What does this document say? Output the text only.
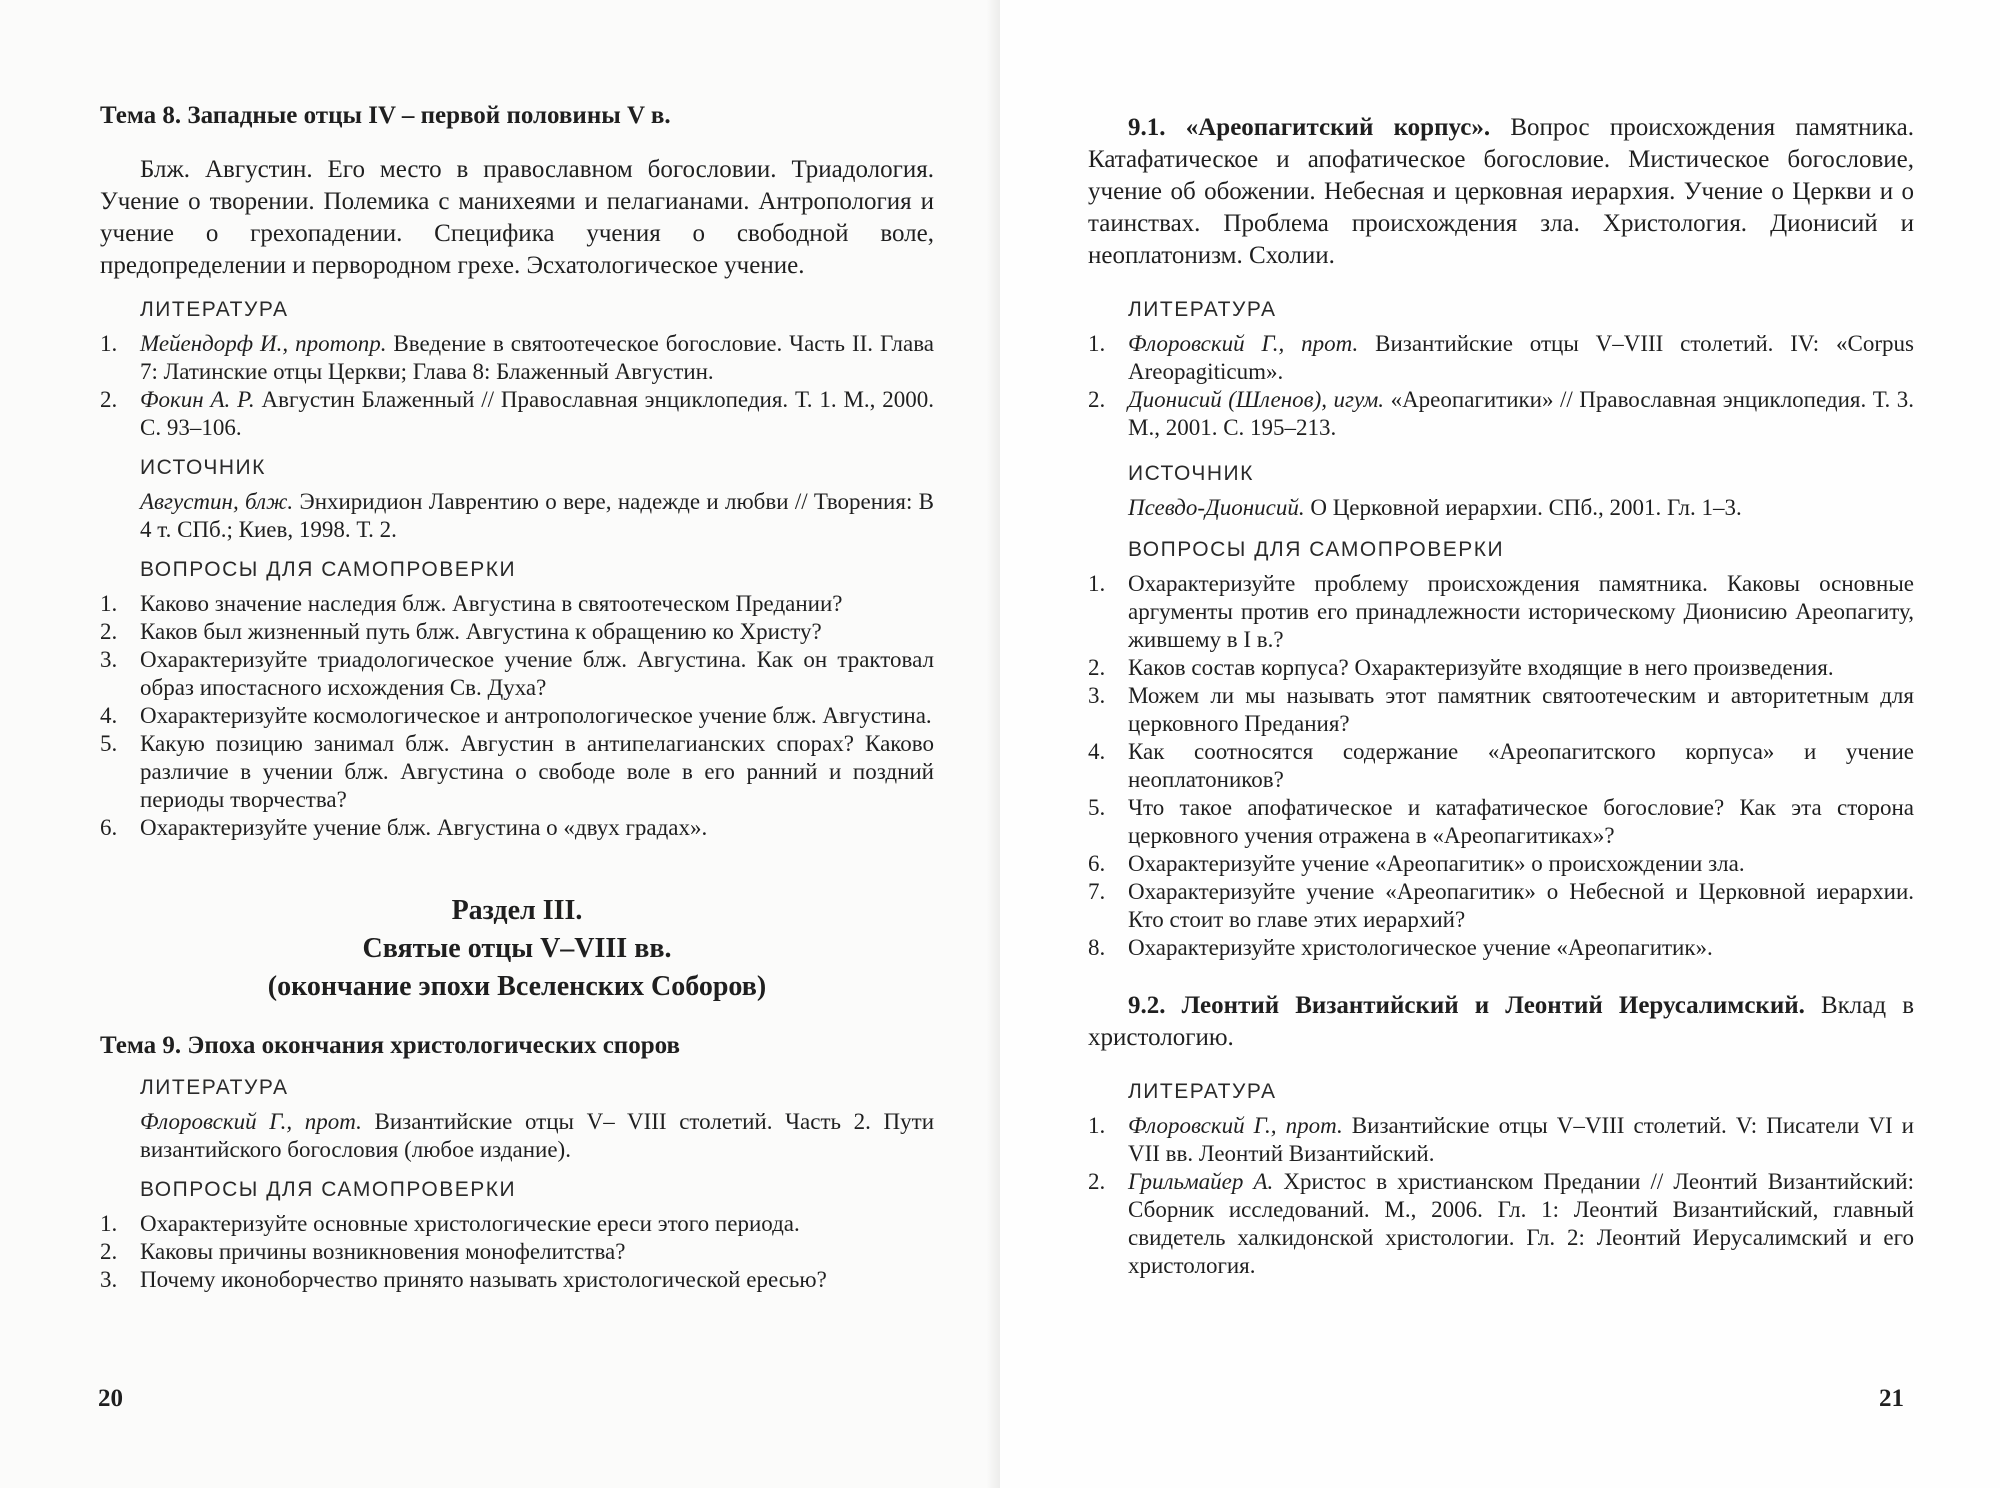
Тема 8. Западные отцы IV – первой половины V в.

Блж. Августин. Его место в православном богословии. Триадология. Учение о творении. Полемика с манихеями и пелагианами. Антропология и учение о грехопадении. Специфика учения о свободной воле, предопределении и первородном грехе. Эсхатологическое учение.

ЛИТЕРАТУРА

1. Мейендорф И., протопр. Введение в святоотеческое богословие. Часть II. Глава 7: Латинские отцы Церкви; Глава 8: Блаженный Августин.
2. Фокин А. Р. Августин Блаженный // Православная энциклопедия. Т. 1. М., 2000. С. 93–106.

ИСТОЧНИК

Августин, блж. Энхиридион Лаврентию о вере, надежде и любви // Творения: В 4 т. СПб.; Киев, 1998. Т. 2.

ВОПРОСЫ ДЛЯ САМОПРОВЕРКИ

1. Каково значение наследия блж. Августина в святоотеческом Предании?
2. Каков был жизненный путь блж. Августина к обращению ко Христу?
3. Охарактеризуйте триадологическое учение блж. Августина. Как он трактовал образ ипостасного исхождения Св. Духа?
4. Охарактеризуйте космологическое и антропологическое учение блж. Августина.
5. Какую позицию занимал блж. Августин в антипелагианских спорах? Каково различие в учении блж. Августина о свободе воле в его ранний и поздний периоды творчества?
6. Охарактеризуйте учение блж. Августина о «двух градах».

Раздел III.

Святые отцы V–VIII вв.

(окончание эпохи Вселенских Соборов)

Тема 9. Эпоха окончания христологических споров

ЛИТЕРАТУРА

Флоровский Г., прот. Византийские отцы V– VIII столетий. Часть 2. Пути византийского богословия (любое издание).

ВОПРОСЫ ДЛЯ САМОПРОВЕРКИ

1. Охарактеризуйте основные христологические ереси этого периода.
2. Каковы причины возникновения монофелитства?
3. Почему иконоборчество принято называть христологической ересью?
20

9.1. «Ареопагитский корпус». Вопрос происхождения памятника. Катафатическое и апофатическое богословие. Мистическое богословие, учение об обожении. Небесная и церковная иерархия. Учение о Церкви и о таинствах. Проблема происхождения зла. Христология. Дионисий и неоплатонизм. Схолии.

ЛИТЕРАТУРА

1. Флоровский Г., прот. Византийские отцы V–VIII столетий. IV: «Corpus Areopagiticum».
2. Дионисий (Шленов), игум. «Ареопагитики» // Православная энциклопедия. Т. 3. М., 2001. С. 195–213.

ИСТОЧНИК

Псевдо-Дионисий. О Церковной иерархии. СПб., 2001. Гл. 1–3.

ВОПРОСЫ ДЛЯ САМОПРОВЕРКИ

1. Охарактеризуйте проблему происхождения памятника. Каковы основные аргументы против его принадлежности историческому Дионисию Ареопагиту, жившему в I в.?
2. Каков состав корпуса? Охарактеризуйте входящие в него произведения.
3. Можем ли мы называть этот памятник святоотеческим и авторитетным для церковного Предания?
4. Как соотносятся содержание «Ареопагитского корпуса» и учение неоплатоников?
5. Что такое апофатическое и катафатическое богословие? Как эта сторона церковного учения отражена в «Ареопагитиках»?
6. Охарактеризуйте учение «Ареопагитик» о происхождении зла.
7. Охарактеризуйте учение «Ареопагитик» о Небесной и Церковной иерархии. Кто стоит во главе этих иерархий?
8. Охарактеризуйте христологическое учение «Ареопагитик».

9.2. Леонтий Византийский и Леонтий Иерусалимский. Вклад в христологию.

ЛИТЕРАТУРА

1. Флоровский Г., прот. Византийские отцы V–VIII столетий. V: Писатели VI и VII вв. Леонтий Византийский.
2. Грильмайер А. Христос в христианском Предании // Леонтий Византийский: Сборник исследований. М., 2006. Гл. 1: Леонтий Византийский, главный свидетель халкидонской христологии. Гл. 2: Леонтий Иерусалимский и его христология.
21
